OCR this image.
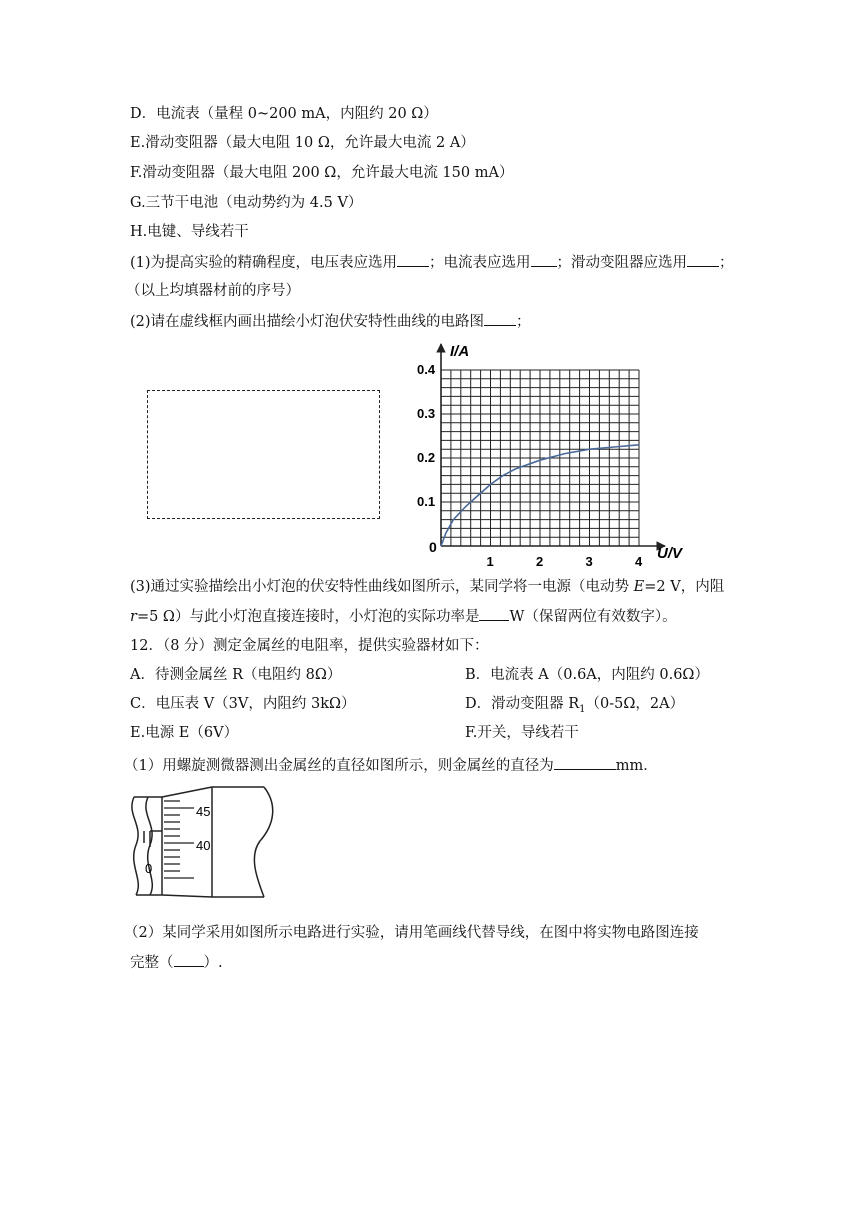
D．电流表（量程 0~200 mA，内阻约 20 Ω）
E.滑动变阻器（最大电阻 10 Ω，允许最大电流 2 A）
F.滑动变阻器（最大电阻 200 Ω，允许最大电流 150 mA）
G.三节干电池（电动势约为 4.5 V）
H.电键、导线若干
(1)为提高实验的精确程度，电压表应选用 ；电流表应选用 ；滑动变阻器应选用 ；
（以上均填器材前的序号）
(2)请在虚线框内画出描绘小灯泡伏安特性曲线的电路图 ；
1	2	3	4
0.1
0.2
0.3
0.4
I/A
U/V
0
(3)通过实验描绘出小灯泡的伏安特性曲线如图所示，某同学将一电源（电动势 E=2 V，内阻
r=5 Ω）与此小灯泡直接连接时，小灯泡的实际功率是 W（保留两位有效数字）。
12．（8 分）测定金属丝的电阻率，提供实验器材如下：
A．待测金属丝 R（电阻约 8Ω）	B．电流表 A（0.6A，内阻约 0.6Ω）
C．电压表 V（3V，内阻约 3kΩ）	D．滑动变阻器 $R_1(0-5\Omega$，2A）
E.电源 E（6V）	F.开关，导线若干
（1）用螺旋测微器测出金属丝的直径如图所示，则金属丝的直径为	mm．
45
40
0
（2）某同学采用如图所示电路进行实验，请用笔画线代替导线，在图中将实物电路图连接
完整（ ）.
